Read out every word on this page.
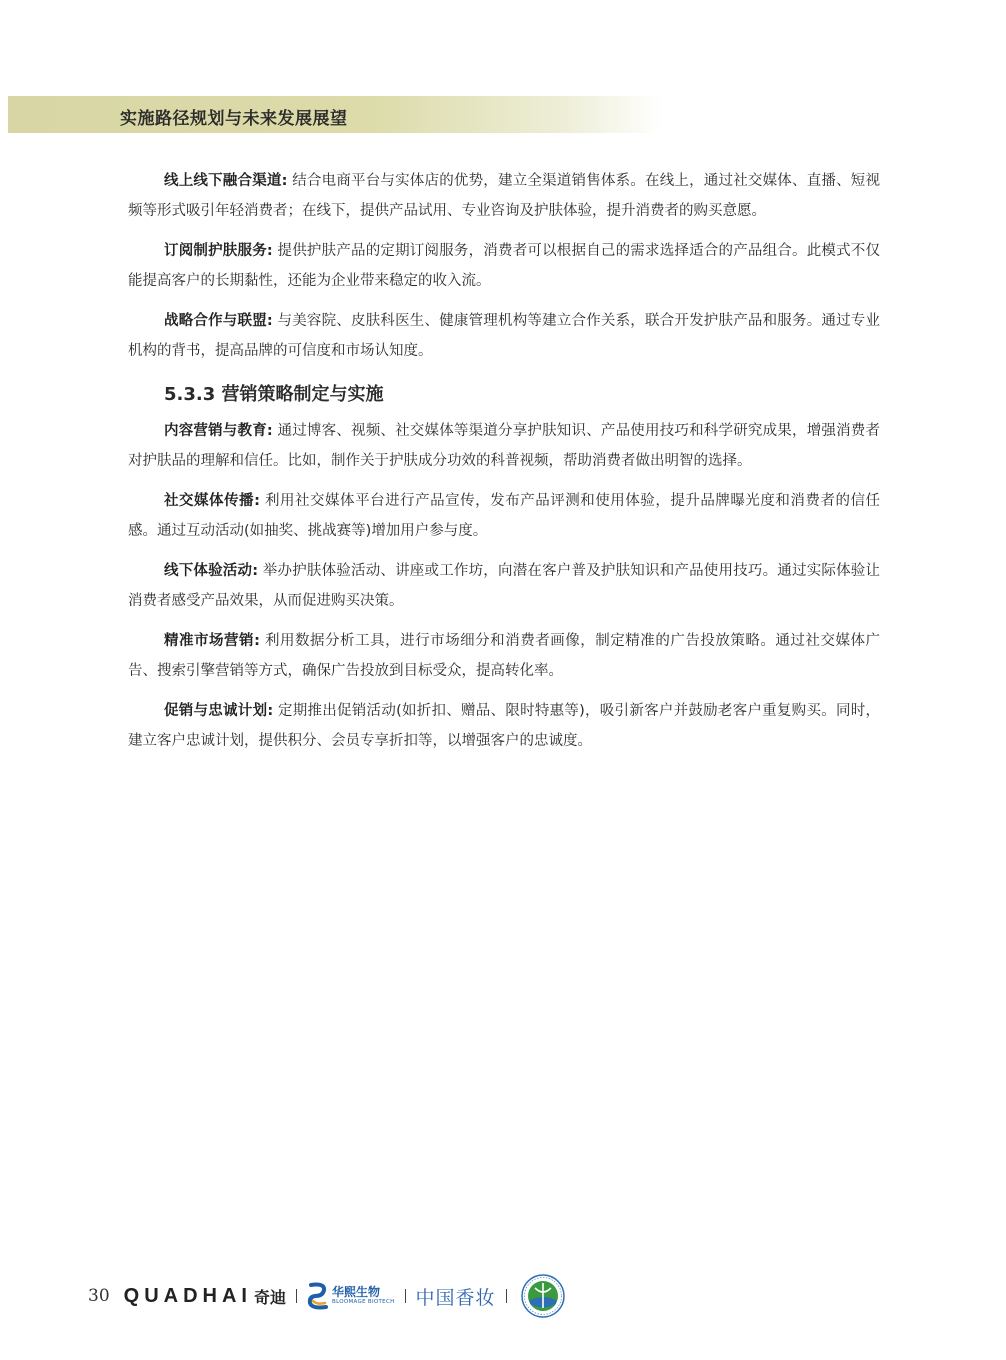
实施路径规划与未来发展展望

线上线下融合渠道: 结合电商平台与实体店的优势，建立全渠道销售体系。在线上，通过社交媒体、直播、短视频等形式吸引年轻消费者；在线下，提供产品试用、专业咨询及护肤体验，提升消费者的购买意愿。

订阅制护肤服务: 提供护肤产品的定期订阅服务，消费者可以根据自己的需求选择适合的产品组合。此模式不仅能提高客户的长期黏性，还能为企业带来稳定的收入流。

战略合作与联盟: 与美容院、皮肤科医生、健康管理机构等建立合作关系，联合开发护肤产品和服务。通过专业机构的背书，提高品牌的可信度和市场认知度。

5.3.3 营销策略制定与实施

内容营销与教育: 通过博客、视频、社交媒体等渠道分享护肤知识、产品使用技巧和科学研究成果，增强消费者对护肤品的理解和信任。比如，制作关于护肤成分功效的科普视频，帮助消费者做出明智的选择。

社交媒体传播: 利用社交媒体平台进行产品宣传，发布产品评测和使用体验，提升品牌曝光度和消费者的信任感。通过互动活动(如抽奖、挑战赛等)增加用户参与度。

线下体验活动: 举办护肤体验活动、讲座或工作坊，向潜在客户普及护肤知识和产品使用技巧。通过实际体验让消费者感受产品效果，从而促进购买决策。

精准市场营销: 利用数据分析工具，进行市场细分和消费者画像，制定精准的广告投放策略。通过社交媒体广告、搜索引擎营销等方式，确保广告投放到目标受众，提高转化率。

促销与忠诚计划: 定期推出促销活动(如折扣、赠品、限时特惠等)，吸引新客户并鼓励老客户重复购买。同时，建立客户忠诚计划，提供积分、会员专享折扣等，以增强客户的忠诚度。

30 QUADHAI 奇迪	华熙生物
BLOOMAGE BIOTECH 中国香妆
